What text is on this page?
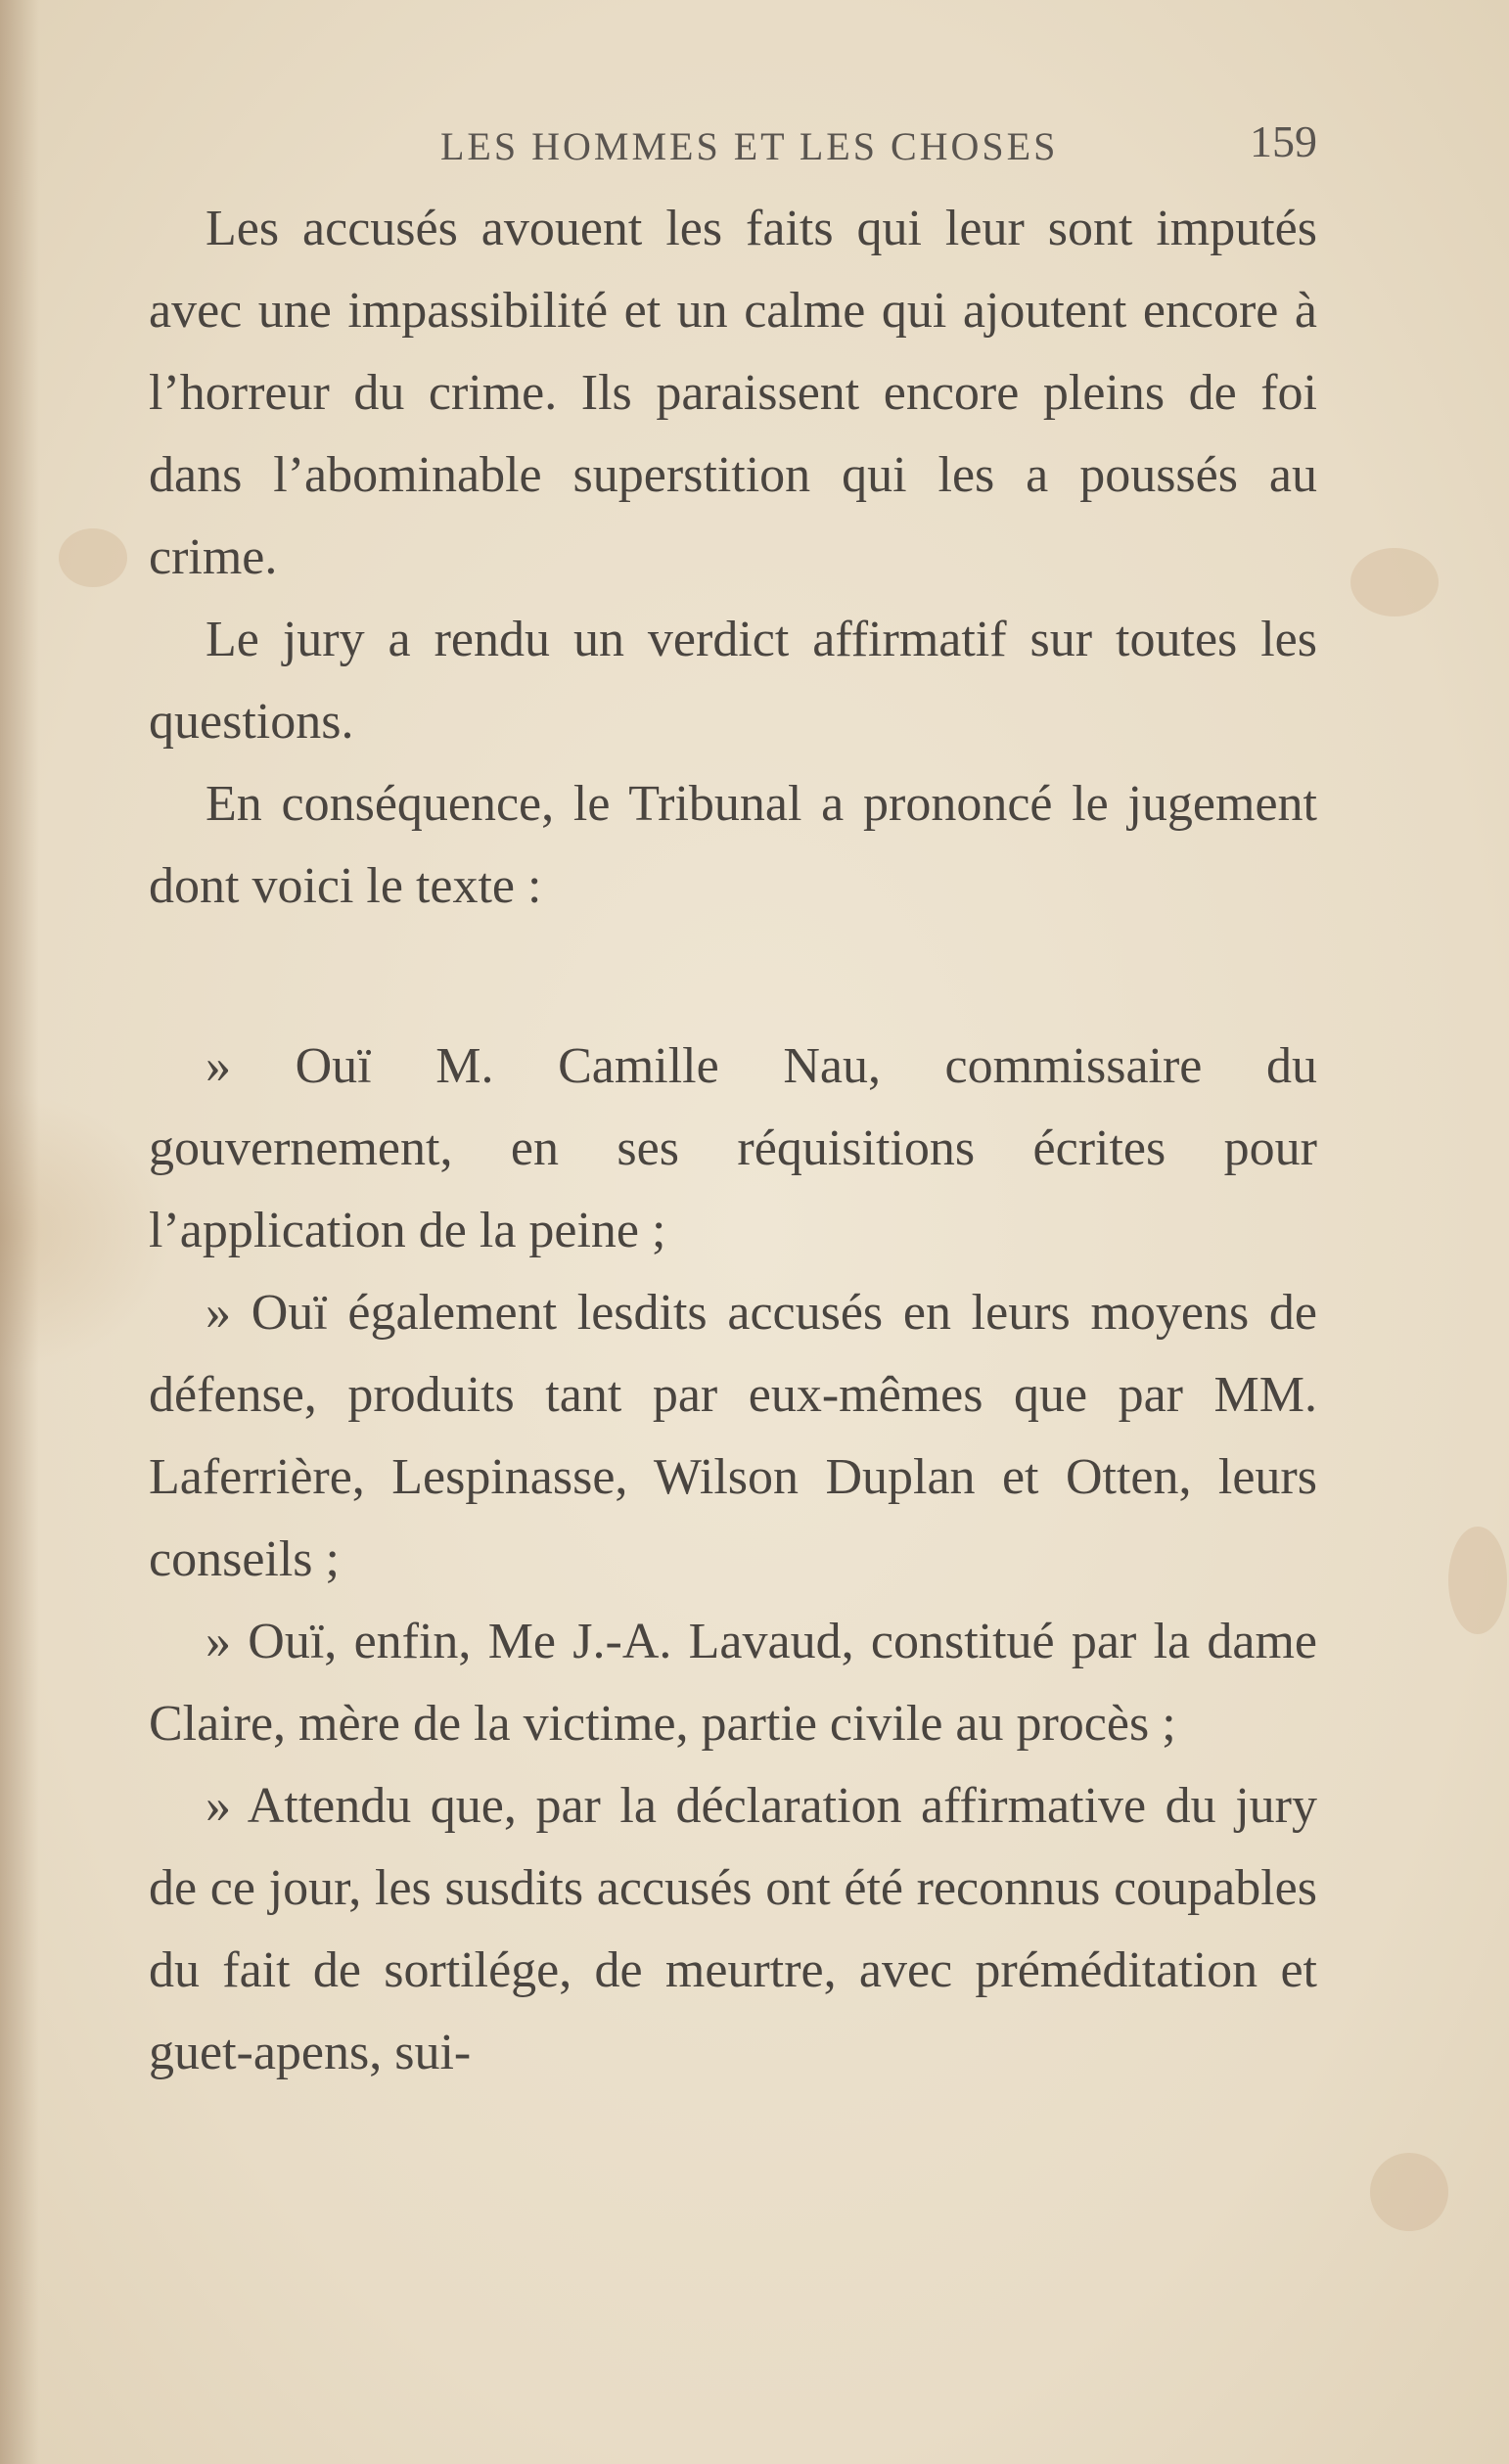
LES HOMMES ET LES CHOSES	159

Les accusés avouent les faits qui leur sont imputés avec une impassibilité et un calme qui ajoutent encore à l’horreur du crime. Ils paraissent encore pleins de foi dans l’abominable superstition qui les a poussés au crime.

Le jury a rendu un verdict affirmatif sur toutes les questions.

En conséquence, le Tribunal a prononcé le jugement dont voici le texte :

» Ouï M. Camille Nau, commissaire du gouvernement, en ses réquisitions écrites pour l’application de la peine ;

» Ouï également lesdits accusés en leurs moyens de défense, produits tant par eux-mêmes que par MM. Laferrière, Lespinasse, Wilson Duplan et Otten, leurs conseils ;

» Ouï, enfin, Me J.-A. Lavaud, constitué par la dame Claire, mère de la victime, partie civile au procès ;

» Attendu que, par la déclaration affirmative du jury de ce jour, les susdits accusés ont été reconnus coupables du fait de sortilége, de meurtre, avec préméditation et guet-apens, sui-
